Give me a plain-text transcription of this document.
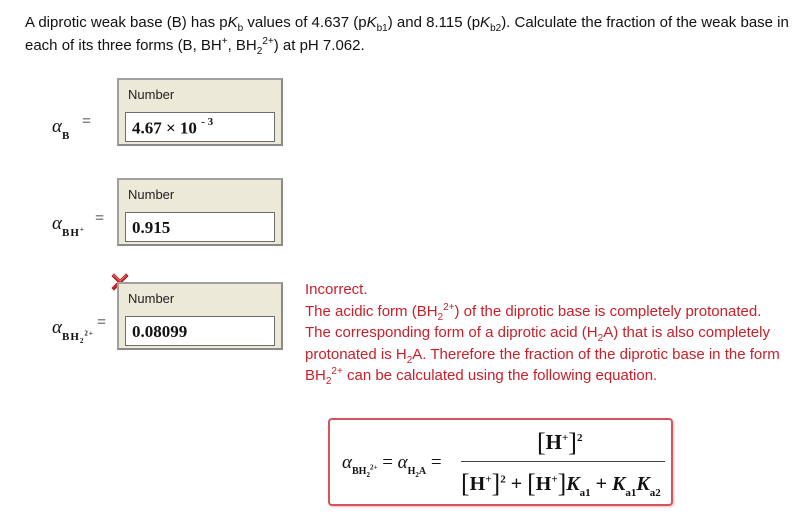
A diprotic weak base (B) has $pK_b$ values of 4.637 $(pK_{b1})$ and 8.115 $(pK_{b2})$. Calculate the fraction of the weak base in each of its three forms (B, BH+, $BH_2^{2+}$) at pH 7.062.
$\alpha_B$
=
Number
4.67 × 10 $^{- 3}$
$\alpha_{BH^+}$
=
Number
0.915
$\alpha_{BH_2^{2+}}$
=
Number
0.08099
Incorrect.
The acidic form $(BH_2^{2+})$ of the diprotic base is completely protonated. The corresponding form of a diprotic acid $(H_2A)$ that is also completely protonated is $H_2A$. Therefore the fraction of the diprotic base in the form $BH_2^{2+}$ can be calculated using the following equation.
$\alpha_{BH_2^{2+}} = \alpha_{H_2A}$ =
$[H^+]^2$
$[H^+]^2 + [H^+]K_{a1} + K_{a1}K_{a2}$
